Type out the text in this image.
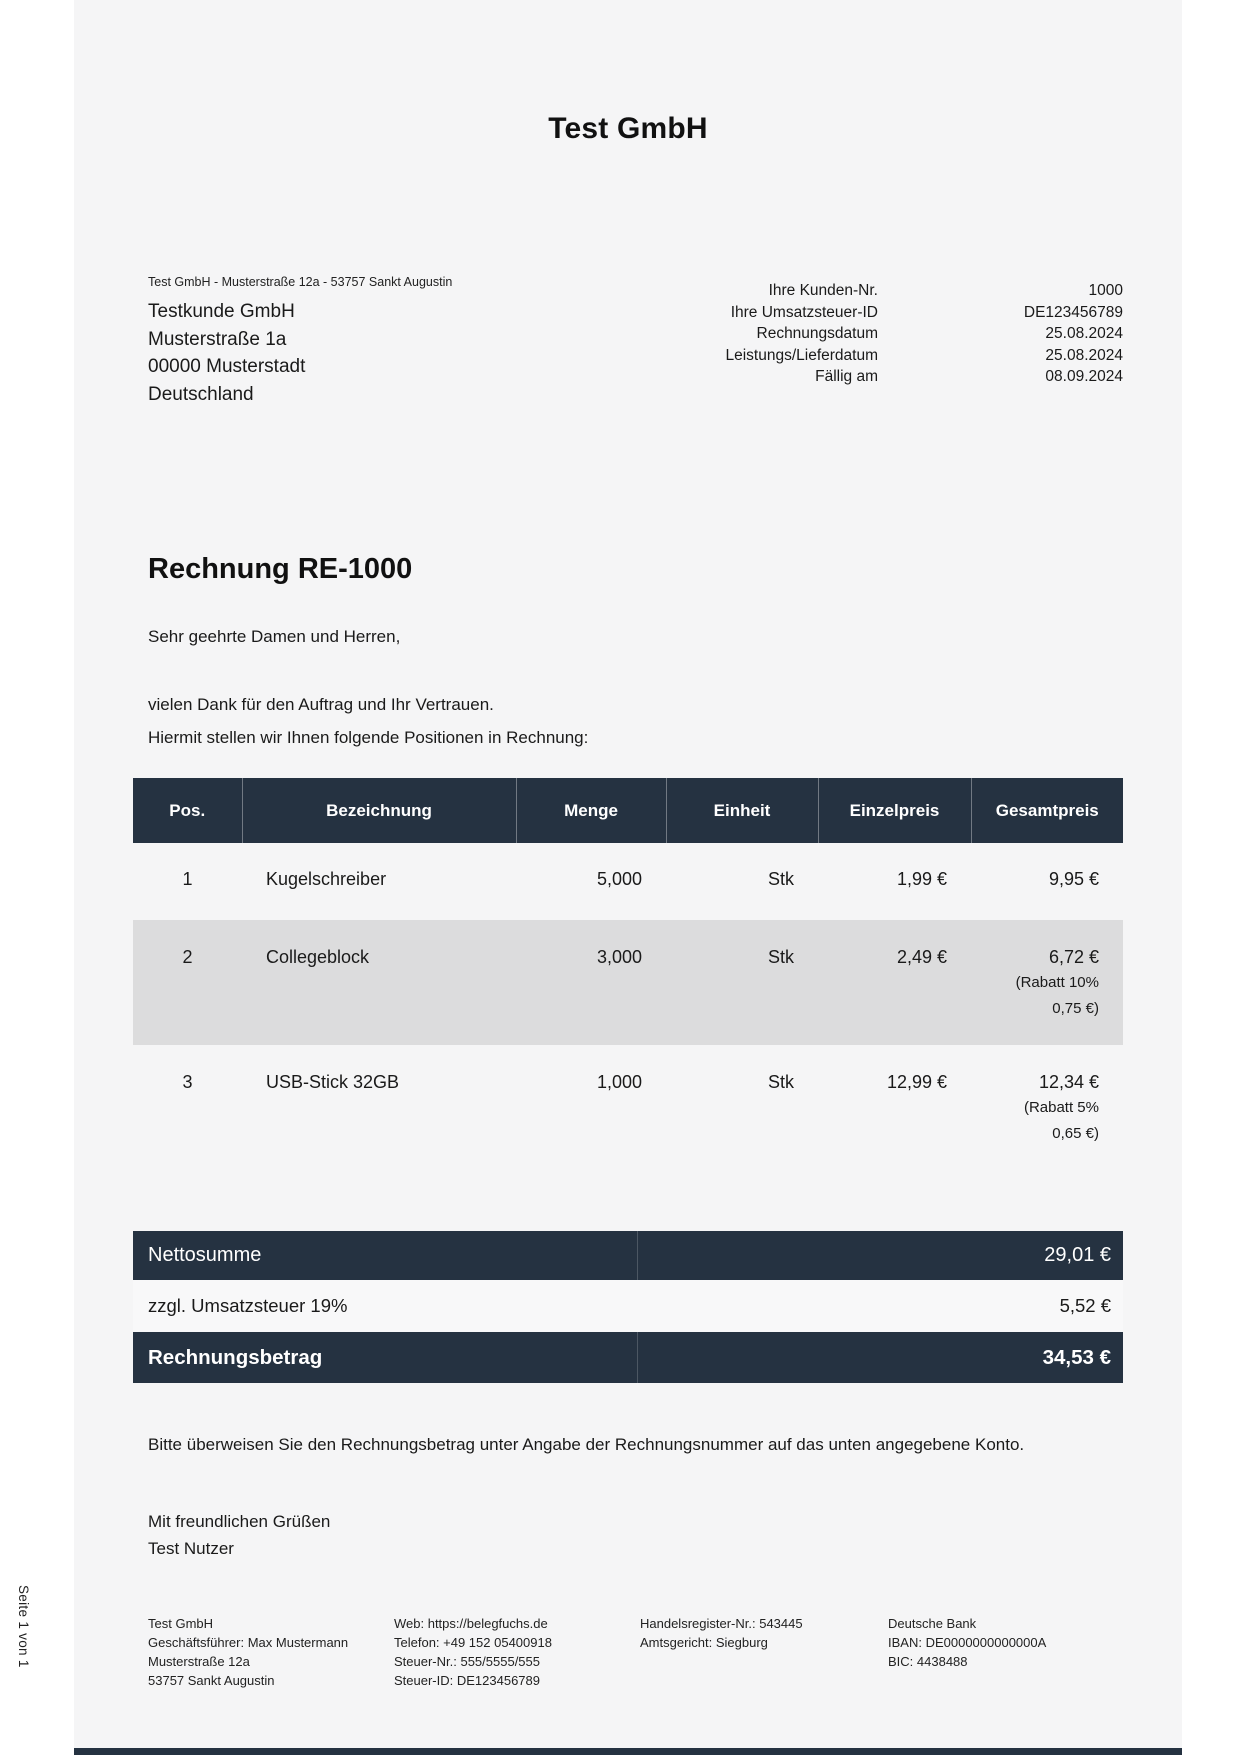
Test GmbH
Test GmbH - Musterstraße 12a - 53757 Sankt Augustin
Testkunde GmbH
Musterstraße 1a
00000 Musterstadt
Deutschland
Ihre Kunden-Nr.	1000
Ihre Umsatzsteuer-ID	DE123456789
Rechnungsdatum	25.08.2024
Leistungs/Lieferdatum	25.08.2024
Fällig am	08.09.2024
Rechnung RE-1000

Sehr geehrte Damen und Herren,

vielen Dank für den Auftrag und Ihr Vertrauen.
Hiermit stellen wir Ihnen folgende Positionen in Rechnung:

Pos.	Bezeichnung	Menge	Einheit	Einzelpreis	Gesamtpreis
1	Kugelschreiber	5,000	Stk	1,99 €	9,95 €

2	Collegeblock	3,000	Stk	2,49 €	6,72 €
(Rabatt 10%
0,75 €)

3	USB-Stick 32GB	1,000	Stk	12,99 €	12,34 €
(Rabatt 5%
0,65 €)
Nettosumme	29,01 €
zzgl. Umsatzsteuer 19%	5,52 €
Rechnungsbetrag	34,53 €

Bitte überweisen Sie den Rechnungsbetrag unter Angabe der Rechnungsnummer auf das unten angegebene Konto.

Mit freundlichen Grüßen
Test Nutzer

Test GmbH
Geschäftsführer: Max Mustermann
Musterstraße 12a
53757 Sankt Augustin
Web: https://belegfuchs.de
Telefon: +49 152 05400918
Steuer-Nr.: 555/5555/555
Steuer-ID: DE123456789
Handelsregister-Nr.: 543445
Amtsgericht: Siegburg
Deutsche Bank
IBAN: DE0000000000000A
BIC: 4438488
Seite 1 von 1
